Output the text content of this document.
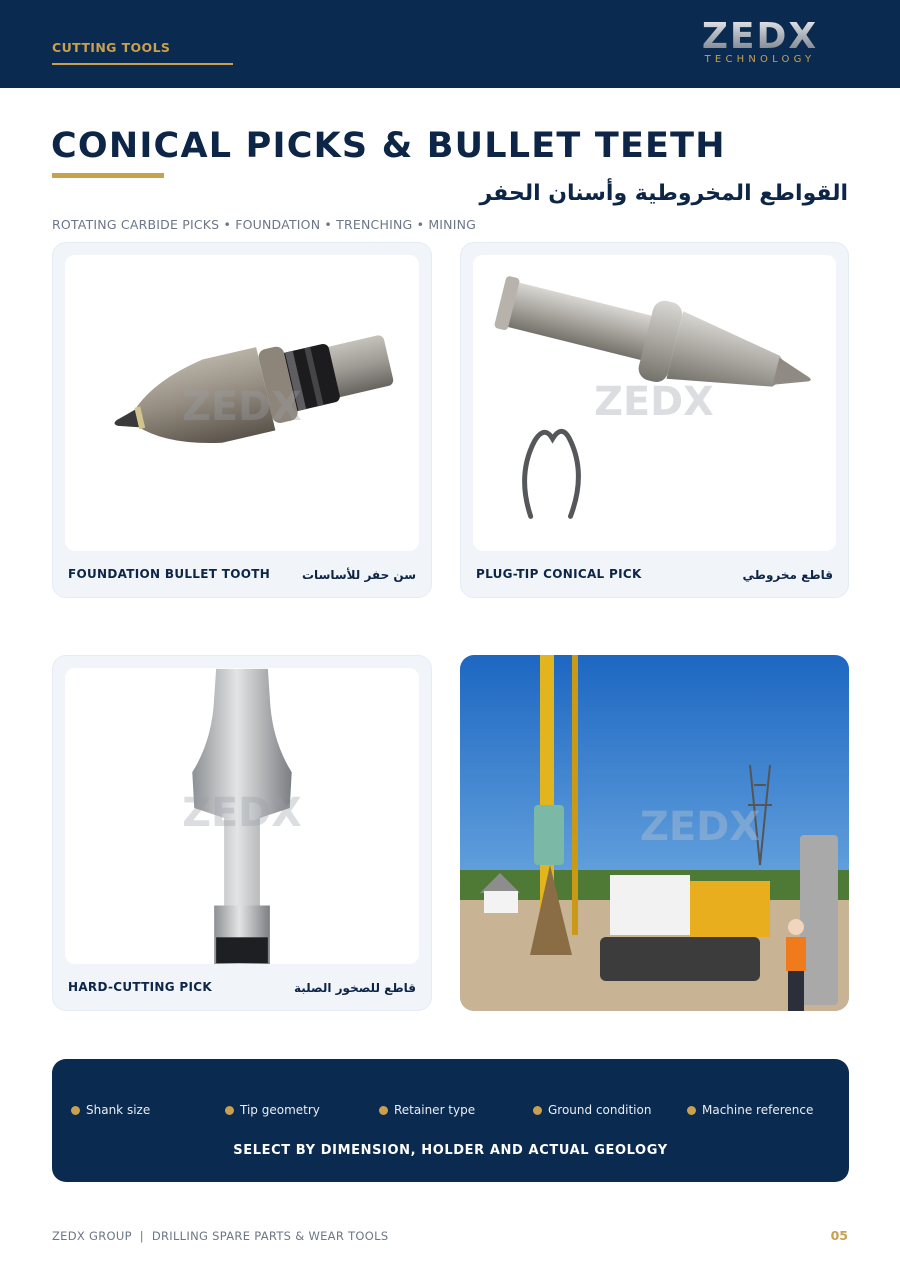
CUTTING TOOLS	ZEDX
TECHNOLOGY
CONICAL PICKS & BULLET TEETH
القواطع المخروطية وأسنان الحفر
ROTATING CARBIDE PICKS • FOUNDATION • TRENCHING • MINING
ZEDX
FOUNDATION BULLET TOOTH	سن حفر للأساسات
ZEDX
PLUG-TIP CONICAL PICK	قاطع مخروطي
ZEDX
HARD-CUTTING PICK	قاطع للصخور الصلبة
ZEDX
Shank size	Tip geometry	Retainer type	Ground condition	Machine reference
SELECT BY DIMENSION, HOLDER AND ACTUAL GEOLOGY
ZEDX GROUP  |  DRILLING SPARE PARTS & WEAR TOOLS	05
